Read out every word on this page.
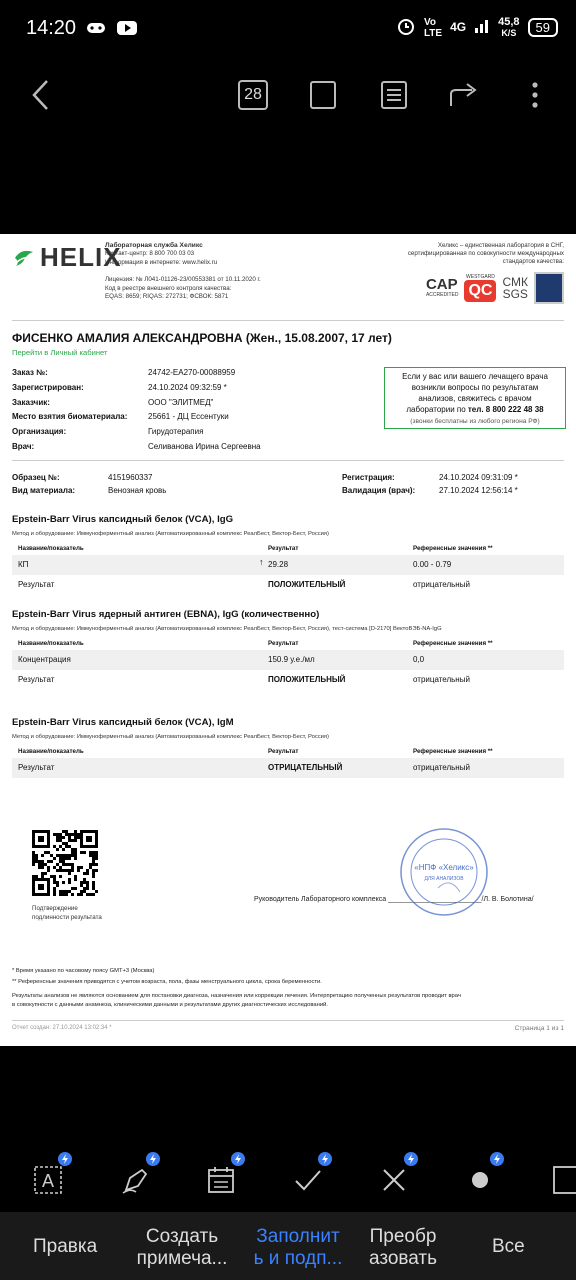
14:20	Vo
LTE 4G	45,8
K/S	59
28
HELIX
Лабораторная служба Хеликс
Контакт-центр: 8 800 700 03 03
Информация в интернете: www.helix.ru
Лицензия: № Л041-01126-23/00553381 от 10.11.2020 г.
Код в реестре внешнего контроля качества:
EQAS: 8659; RIQAS: 272731; ФСВОК: 5871
Хеликс – единственная лаборатория в СНГ,
сертифицированная по совокупности международных
стандартов качества:
CAP
ACCREDITED
WESTGARD
QC СМК
SGS
ФИСЕНКО АМАЛИЯ АЛЕКСАНДРОВНА (Жен., 15.08.2007, 17 лет)
Перейти в Личный кабинет
Заказ №:	24742-EA270-00088959
Зарегистрирован:	24.10.2024 09:32:59 *
Заказчик:	ООО "ЭЛИТМЕД"
Место взятия биоматериала:	25661 - ДЦ Ессентуки
Организация:	Гирудотерапия
Врач:	Селиванова Ирина Сергеевна
Если у вас или вашего лечащего врача
возникли вопросы по результатам
анализов, свяжитесь с врачом
лаборатории по тел. 8 800 222 48 38
(звонки бесплатны из любого региона РФ)
Образец №:	4151960337
Вид материала:	Венозная кровь
Регистрация:	24.10.2024 09:31:09 *
Валидация (врач):	27.10.2024 12:56:14 *
Epstein-Barr Virus капсидный белок (VCA), IgG
Метод и оборудование: Иммуноферментный анализ (Автоматизированный комплекс РеалБест, Вектор-Бест, Россия)
Название/показатель	Результат	Референсные значения **
КП	↑ 29.28	0.00 - 0.79
Результат	ПОЛОЖИТЕЛЬНЫЙ	отрицательный
Epstein-Barr Virus ядерный антиген (EBNA), IgG (количественно)
Метод и оборудование: Иммуноферментный анализ (Автоматизированный комплекс РеалБест, Вектор-Бест, Россия), тест-система [D-2170] ВектоВЭБ-NA-IgG
Название/показатель	Результат	Референсные значения **
Концентрация	150.9 у.е./мл	0,0
Результат	ПОЛОЖИТЕЛЬНЫЙ	отрицательный
Epstein-Barr Virus капсидный белок (VCA), IgM
Метод и оборудование: Иммуноферментный анализ (Автоматизированный комплекс РеалБест, Вектор-Бест, Россия)
Название/показатель	Результат	Референсные значения **
Результат	ОТРИЦАТЕЛЬНЫЙ	отрицательный
Подтверждение
подлинности результата
Руководитель Лабораторного комплекса ________________________/Л. В. Болотина/
«НПФ «Хеликс»
ДЛЯ АНАЛИЗОВ
* Время указано по часовому поясу GMT+3 (Москва)
** Референсные значения приводятся с учетом возраста, пола, фазы менструального цикла, срока беременности.

Результаты анализов не являются основанием для постановки диагноза, назначения или коррекции лечения. Интерпретацию полученных результатов проводит врач
в совокупности с данными анамнеза, клиническими данными и результатами других диагностических исследований.
Отчет создан: 27.10.2024 13:02:34 *	Страница 1 из 1
A
Правка	Создать
примеча...
Заполнит
ь и подп...
Преобр
азовать
Все
